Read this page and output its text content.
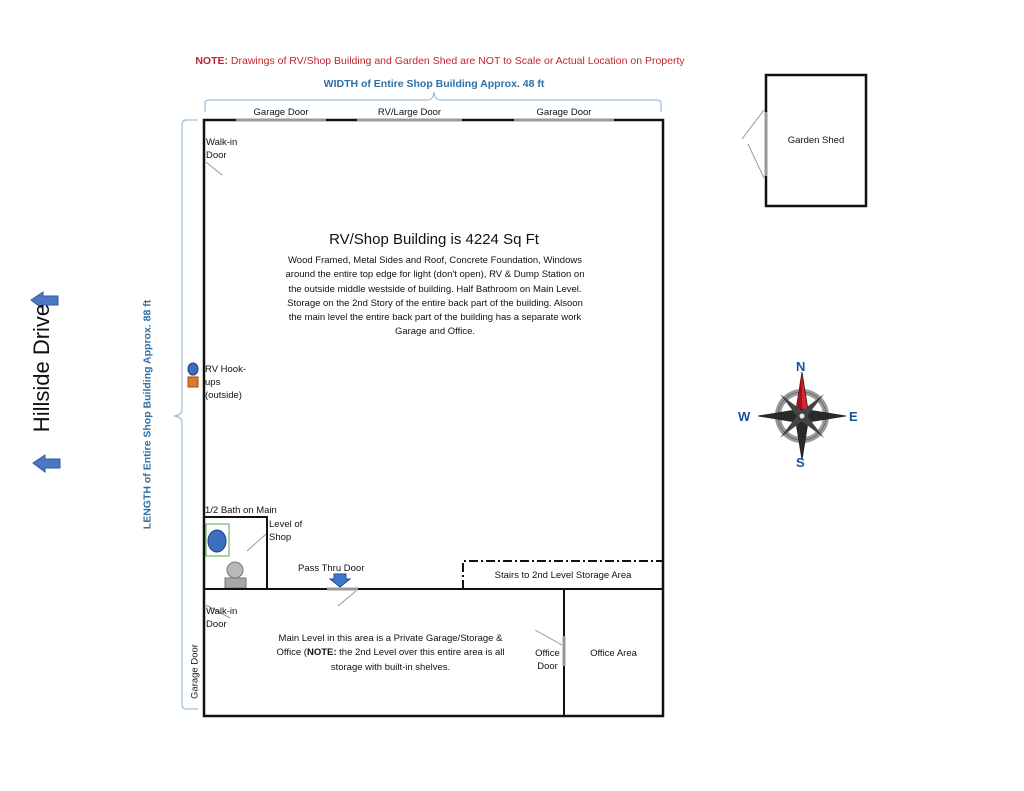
NOTE: Drawings of RV/Shop Building and Garden Shed are NOT to Scale or Actual Location on Property
WIDTH of Entire Shop Building Approx. 48 ft
LENGTH of Entire Shop Building Approx. 88 ft
Hillside Drive
Garage Door	RV/Large Door	Garage Door
Walk-in Door
RV/Shop Building is 4224 Sq Ft
Wood Framed, Metal Sides and Roof, Concrete Foundation, Windows around the entire top edge for light (don't open), RV & Dump Station on the outside middle westside of building. Half Bathroom on Main Level. Storage on the 2nd Story of the entire back part of the building. Alsoon the main level the entire back part of the building has a separate work Garage and Office.
RV Hook-ups (outside)
1/2 Bath on Main
Level of Shop
Pass Thru Door
Stairs to 2nd Level Storage Area
Walk-in Door
Garage Door
Main Level in this area is a Private Garage/Storage & Office (NOTE: the 2nd Level over this entire area is all storage with built-in shelves.
Office Door
Office Area
Garden Shed
N
S
E
W
